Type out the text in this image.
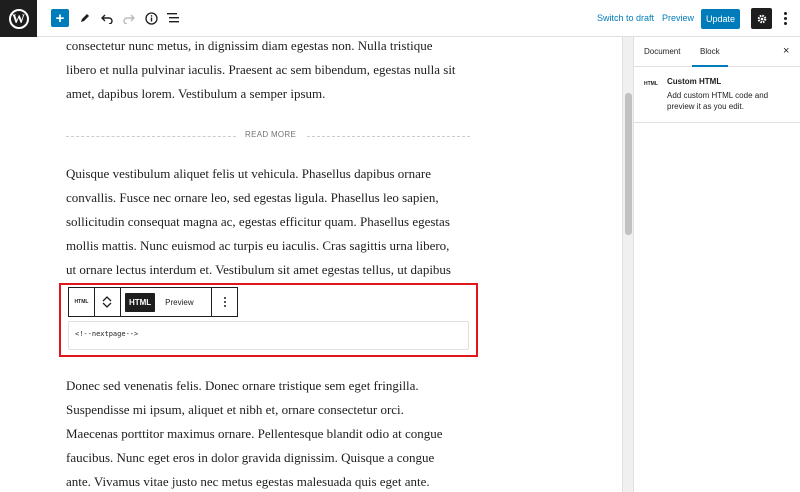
W	+	Switch to draft Preview	Update

consectetur nunc metus, in dignissim diam egestas non. Nulla tristique
libero et nulla pulvinar iaculis. Praesent ac sem bibendum, egestas nulla sit
amet, dapibus lorem. Vestibulum a semper ipsum.

READ MORE

Quisque vestibulum aliquet felis ut vehicula. Phasellus dapibus ornare
convallis. Fusce nec ornare leo, sed egestas ligula. Phasellus leo sapien,
sollicitudin consequat magna ac, egestas efficitur quam. Phasellus egestas
mollis mattis. Nunc euismod ac turpis eu iaculis. Cras sagittis urna libero,
ut ornare lectus interdum et. Vestibulum sit amet egestas tellus, ut dapibus

HTML	HTML	Preview
<!--nextpage-->

Donec sed venenatis felis. Donec ornare tristique sem eget fringilla.
Suspendisse mi ipsum, aliquet et nibh et, ornare consectetur orci.
Maecenas porttitor maximus ornare. Pellentesque blandit odio at congue
faucibus. Nunc eget eros in dolor gravida dignissim. Quisque a congue
ante. Vivamus vitae justo nec metus egestas malesuada quis eget ante.

Document Block	×
HTML Custom HTML
Add custom HTML code and preview it as you edit.
